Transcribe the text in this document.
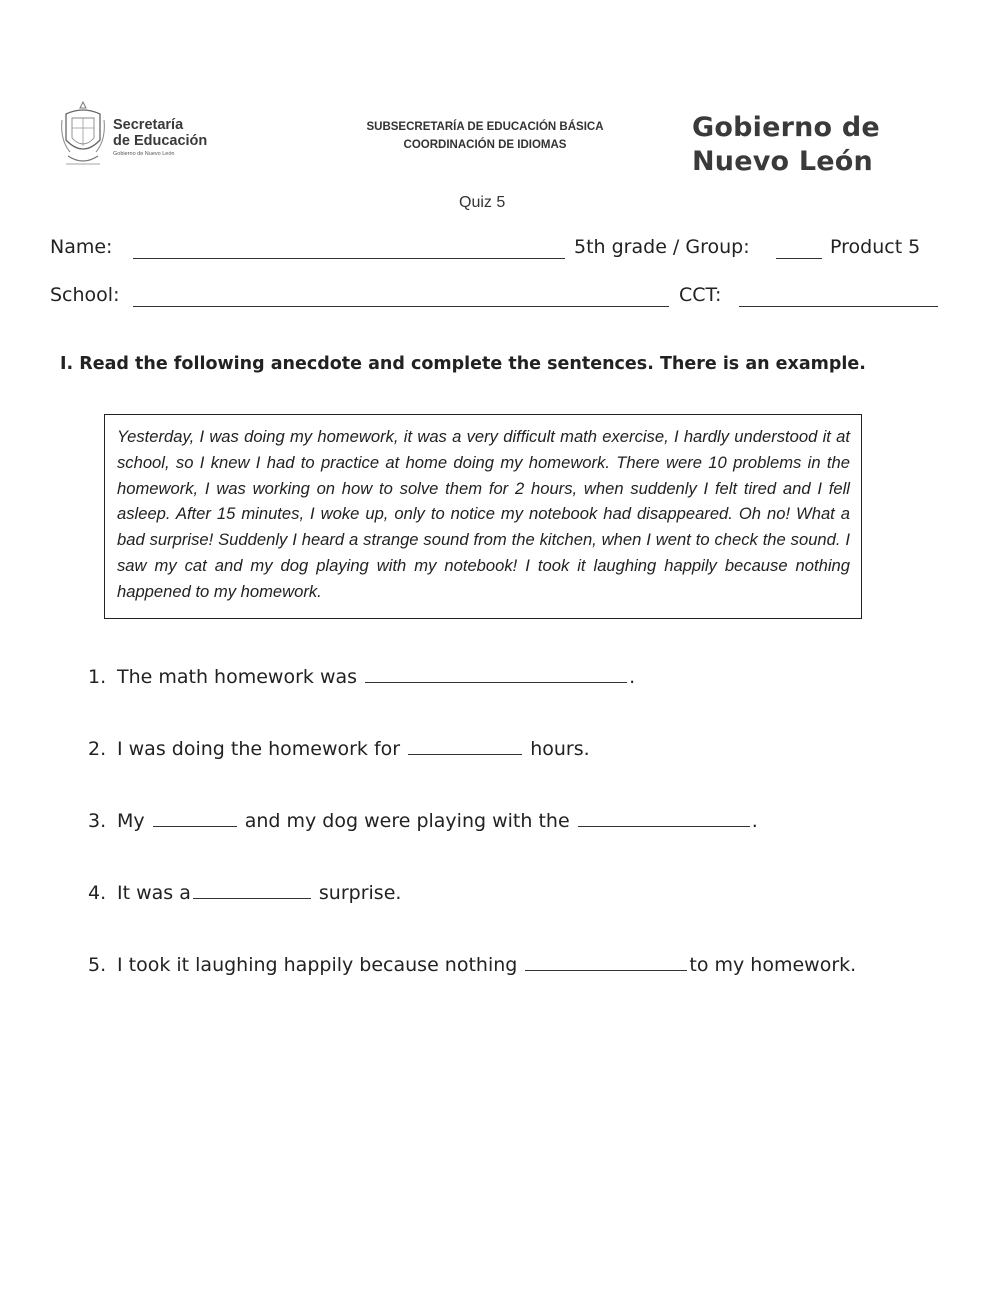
Secretaría
de Educación
Gobierno de Nuevo León
SUBSECRETARÍA DE EDUCACIÓN BÁSICA
COORDINACIÓN DE IDIOMAS
Gobierno de
Nuevo León
Quiz 5
Name:	5th grade / Group:	Product 5
School:	CCT:
I. Read the following anecdote and complete the sentences. There is an example.

Yesterday, I was doing my homework, it was a very difficult math exercise, I hardly understood it at school, so I knew I had to practice at home doing my homework. There were 10 problems in the homework, I was working on how to solve them for 2 hours, when suddenly I felt tired and I fell asleep. After 15 minutes, I woke up, only to notice my notebook had disappeared. Oh no! What a bad surprise! Suddenly I heard a strange sound from the kitchen, when I went to check the sound. I saw my cat and my dog playing with my notebook! I took it laughing happily because nothing happened to my homework.

1. The math homework was	.
2. I was doing the homework for	hours.
3. My	and my dog were playing with the	.
4. It was a	surprise.
5. I took it laughing happily because nothing	to my homework.
